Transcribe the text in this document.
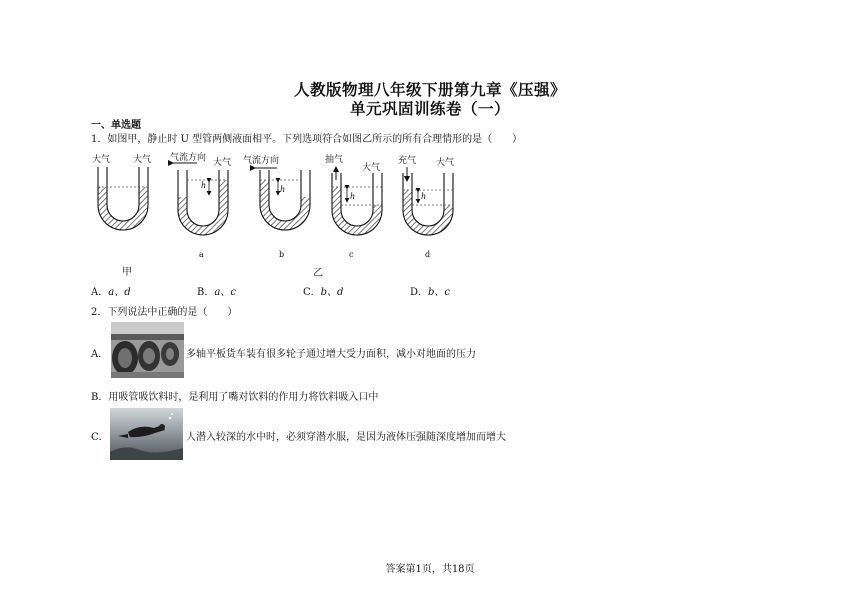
人教版物理八年级下册第九章《压强》
单元巩固训练卷（一）
一、单选题
1．如图甲，静止时 U 型管两侧液面相平。下列选项符合如图乙所示的所有合理情形的是（　　）
大气	大气 气流方向 大气 气流方向	抽气
大气
充气 大气
h	h
h	h
a	b	c	d
甲	乙
A．a、d	B．a、c	C．b、d	D．b、c
2．下列说法中正确的是（　　）
A．	多轴平板货车装有很多轮子通过增大受力面积，减小对地面的压力
B．用吸管吸饮料时，是利用了嘴对饮料的作用力将饮料吸入口中
C．	人潜入较深的水中时，必须穿潜水服，是因为液体压强随深度增加而增大
答案第1页，共18页
